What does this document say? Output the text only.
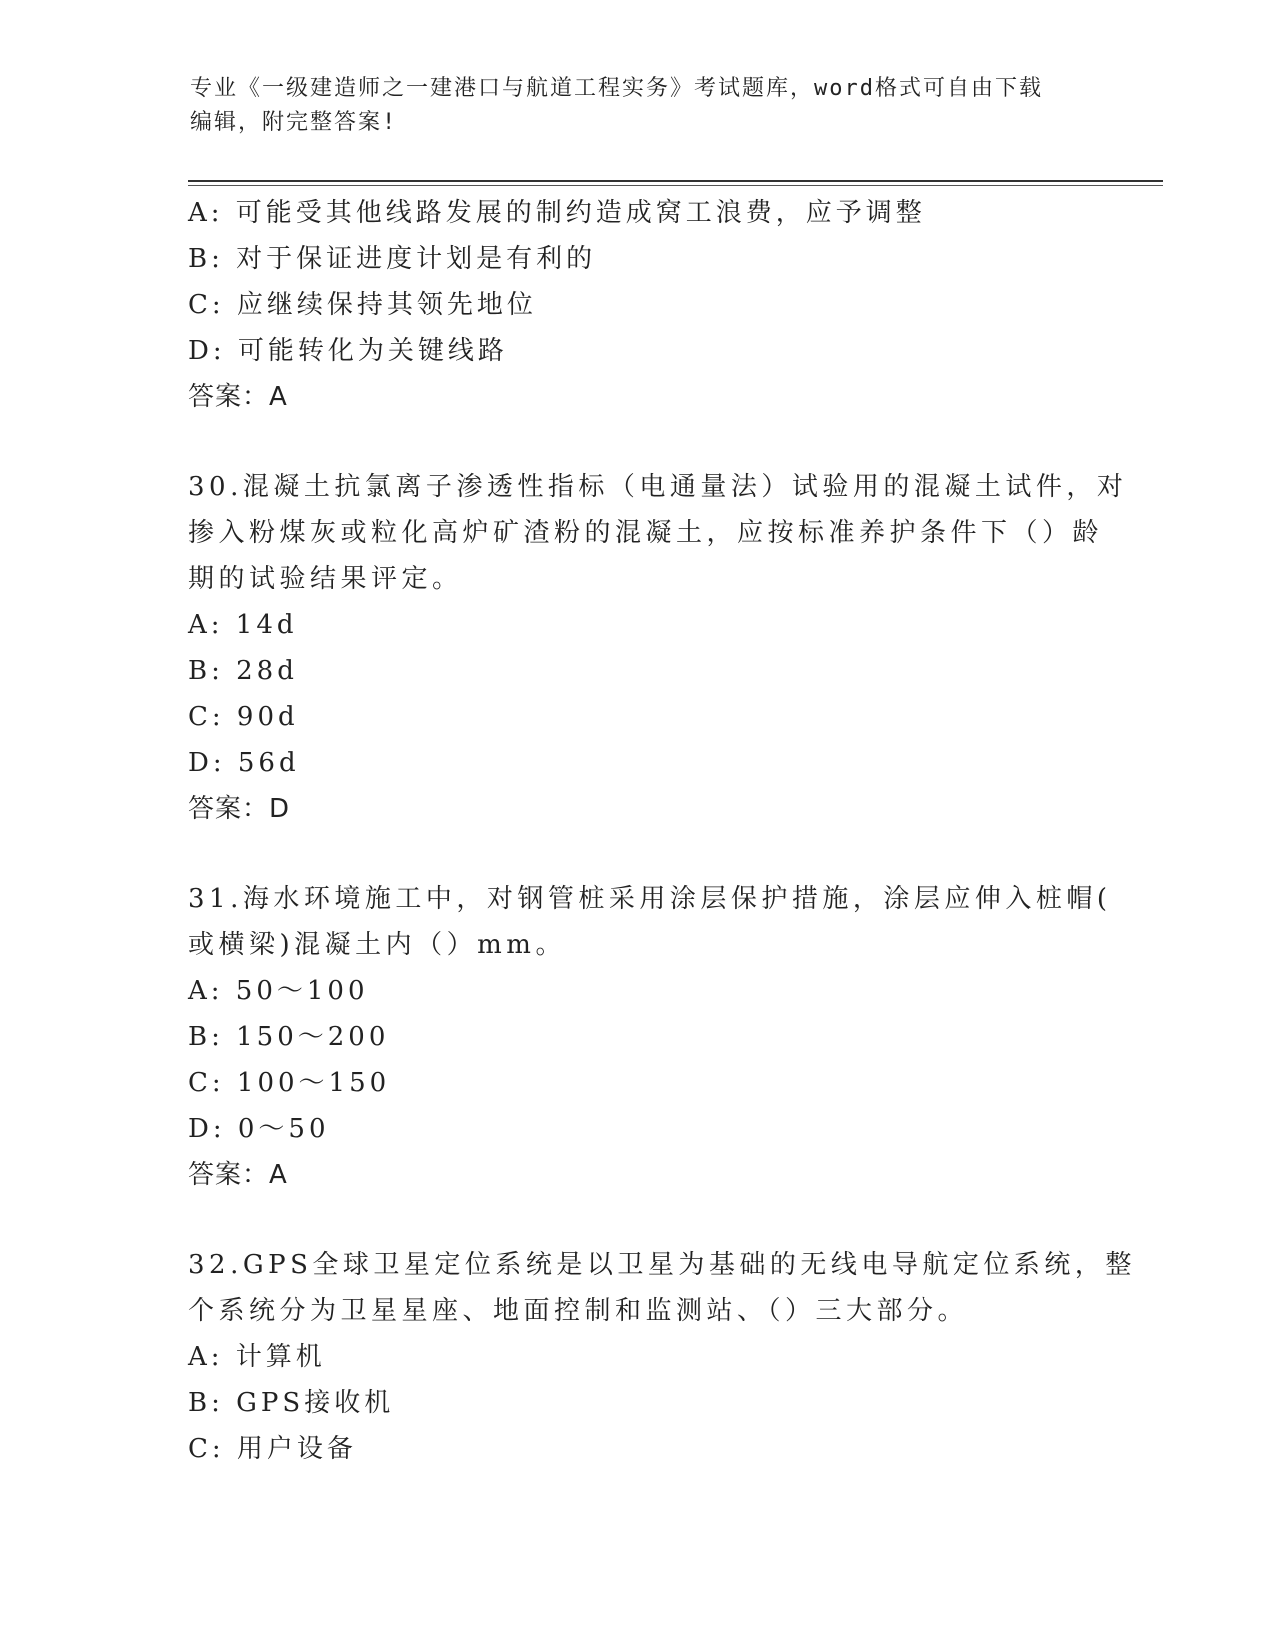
专业《一级建造师之一建港口与航道工程实务》考试题库，word格式可自由下载
编辑，附完整答案!
A: 可能受其他线路发展的制约造成窝工浪费，应予调整
B: 对于保证进度计划是有利的
C: 应继续保持其领先地位
D: 可能转化为关键线路
答案：A
30.混凝土抗氯离子渗透性指标（电通量法）试验用的混凝土试件，对
掺入粉煤灰或粒化高炉矿渣粉的混凝土，应按标准养护条件下（）龄
期的试验结果评定。
A: 14d
B: 28d
C: 90d
D: 56d
答案：D
31.海水环境施工中，对钢管桩采用涂层保护措施，涂层应伸入桩帽(
或横梁)混凝土内（）mm。
A: 50～100
B: 150～200
C: 100～150
D: 0～50
答案：A
32.GPS全球卫星定位系统是以卫星为基础的无线电导航定位系统，整
个系统分为卫星星座、地面控制和监测站、（）三大部分。
A: 计算机
B: GPS接收机
C: 用户设备
